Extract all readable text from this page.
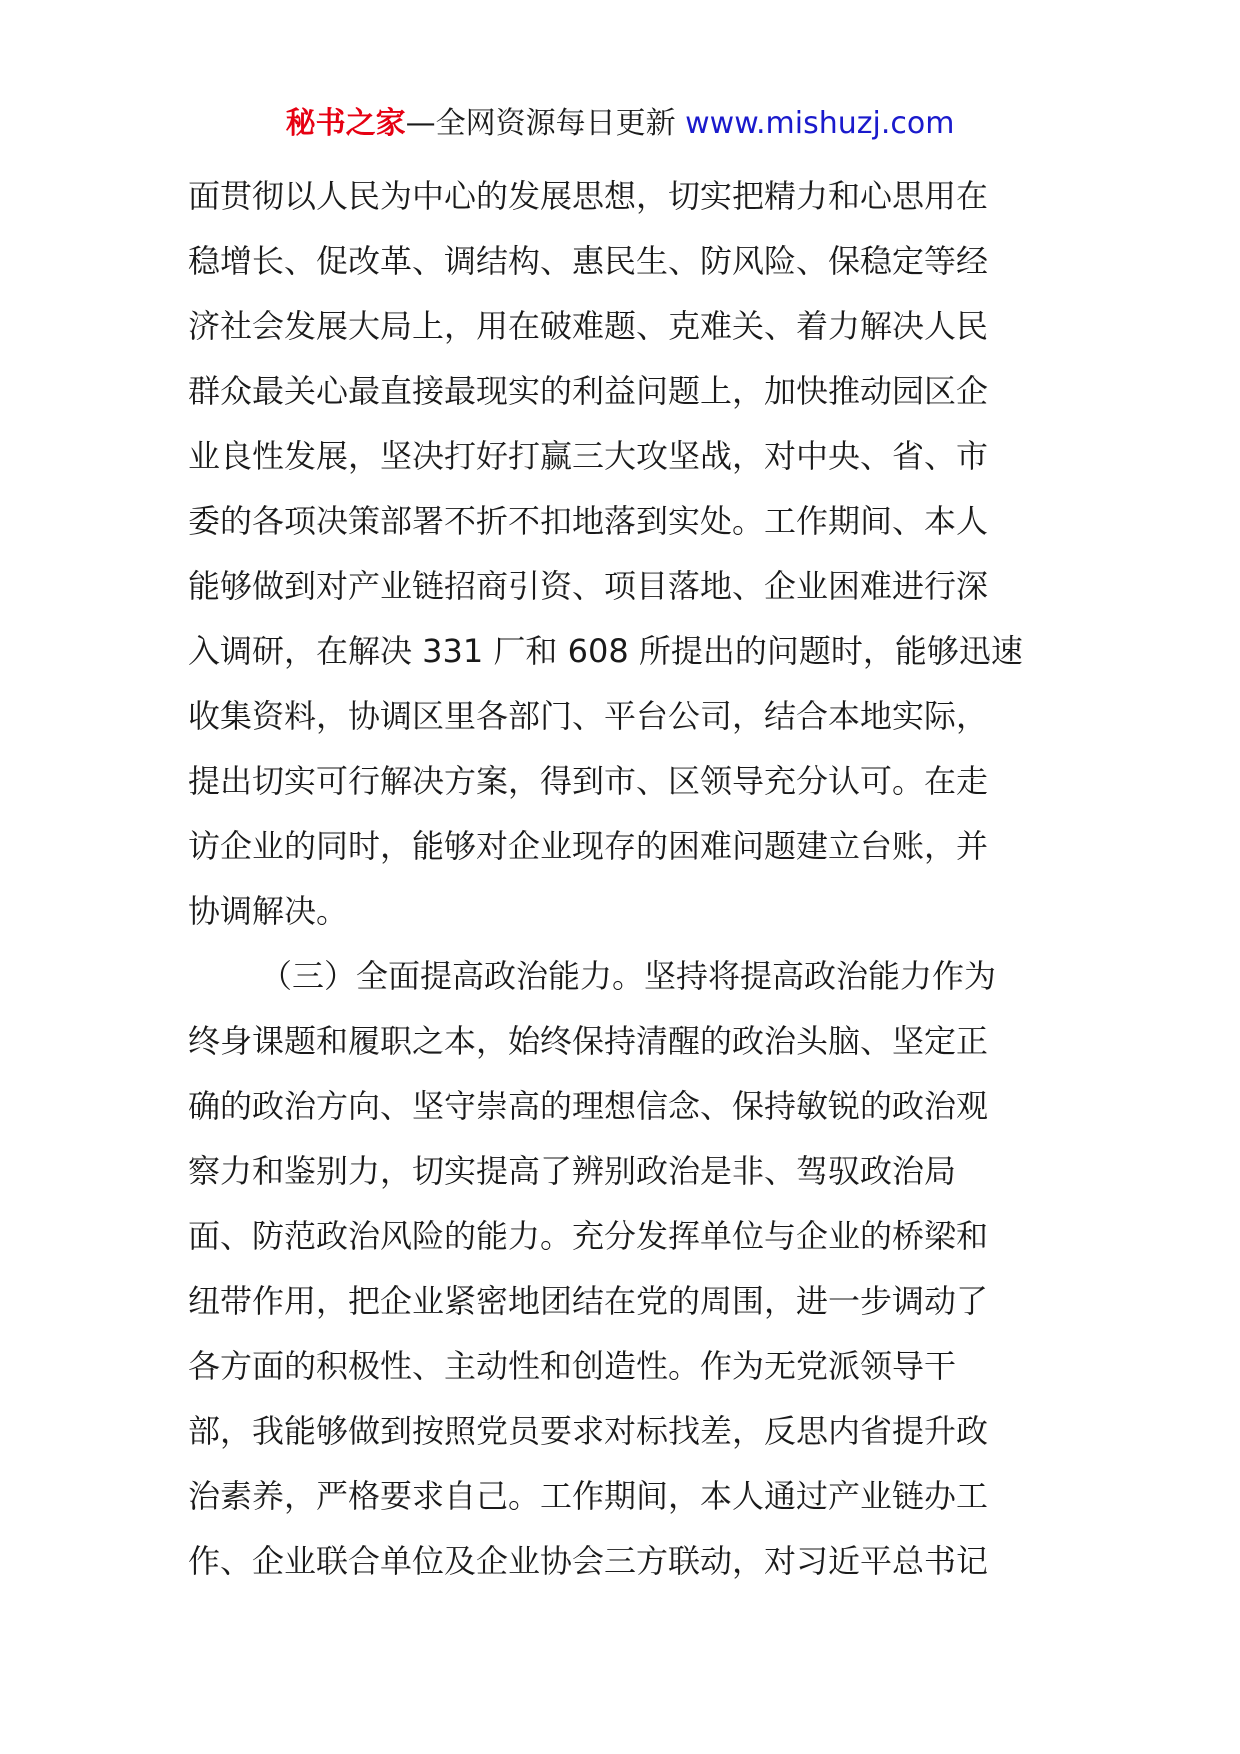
秘书之家—全网资源每日更新 www.mishuzj.com
面贯彻以人民为中心的发展思想，切实把精力和心思用在
稳增长、促改革、调结构、惠民生、防风险、保稳定等经
济社会发展大局上，用在破难题、克难关、着力解决人民
群众最关心最直接最现实的利益问题上，加快推动园区企
业良性发展，坚决打好打赢三大攻坚战，对中央、省、市
委的各项决策部署不折不扣地落到实处。工作期间、本人
能够做到对产业链招商引资、项目落地、企业困难进行深
入调研，在解决 331 厂和 608 所提出的问题时，能够迅速
收集资料，协调区里各部门、平台公司，结合本地实际，
提出切实可行解决方案，得到市、区领导充分认可。在走
访企业的同时，能够对企业现存的困难问题建立台账，并
协调解决。
（三）全面提高政治能力。坚持将提高政治能力作为
终身课题和履职之本，始终保持清醒的政治头脑、坚定正
确的政治方向、坚守崇高的理想信念、保持敏锐的政治观
察力和鉴别力，切实提高了辨别政治是非、驾驭政治局
面、防范政治风险的能力。充分发挥单位与企业的桥梁和
纽带作用，把企业紧密地团结在党的周围，进一步调动了
各方面的积极性、主动性和创造性。作为无党派领导干
部，我能够做到按照党员要求对标找差，反思内省提升政
治素养，严格要求自己。工作期间，本人通过产业链办工
作、企业联合单位及企业协会三方联动，对习近平总书记
